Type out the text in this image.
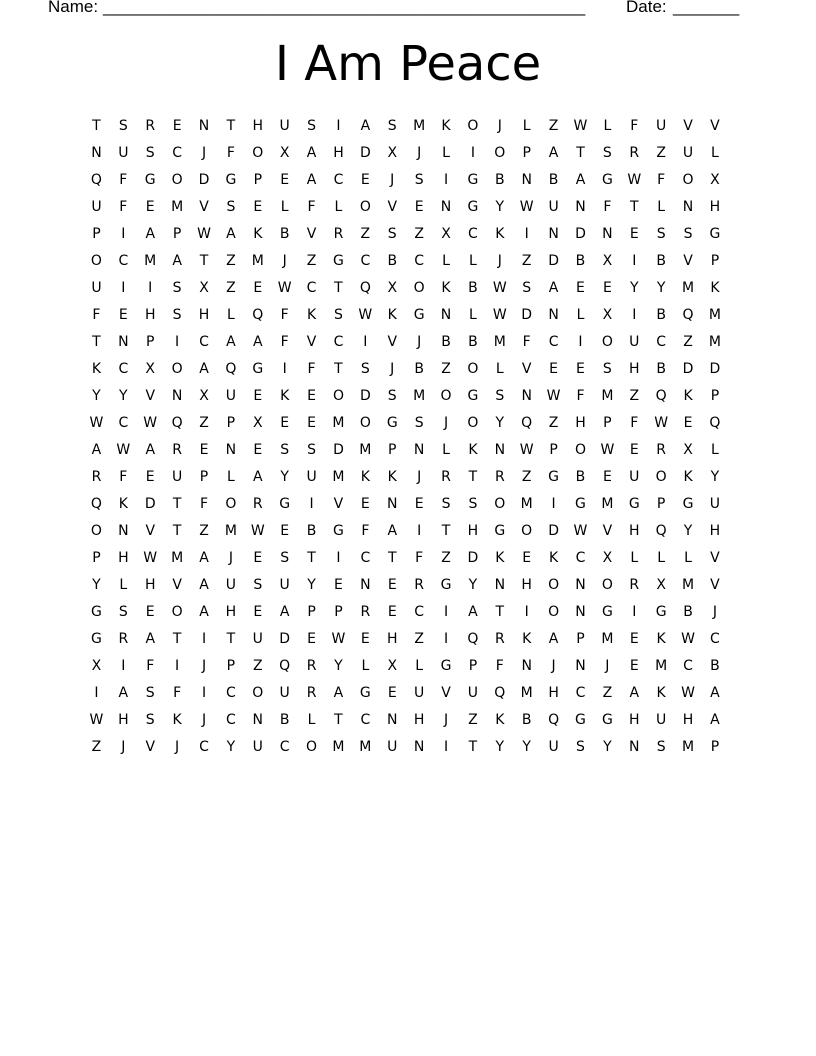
Name: ___________________________________________________ Date: _______
I Am Peace
T	S	R	E	N	T	H	U	S	I	A	S	M	K	O	J	L	Z	W	L	F	U	V	V
N	U	S	C	J	F	O	X	A	H	D	X	J	L	I	O	P	A	T	S	R	Z	U	L
Q	F	G	O	D	G	P	E	A	C	E	J	S	I	G	B	N	B	A	G	W	F	O	X
U	F	E	M	V	S	E	L	F	L	O	V	E	N	G	Y	W	U	N	F	T	L	N	H
P	I	A	P	W	A	K	B	V	R	Z	S	Z	X	C	K	I	N	D	N	E	S	S	G
O	C	M	A	T	Z	M	J	Z	G	C	B	C	L	L	J	Z	D	B	X	I	B	V	P
U	I	I	S	X	Z	E	W	C	T	Q	X	O	K	B	W	S	A	E	E	Y	Y	M	K
F	E	H	S	H	L	Q	F	K	S	W	K	G	N	L	W	D	N	L	X	I	B	Q	M
T	N	P	I	C	A	A	F	V	C	I	V	J	B	B	M	F	C	I	O	U	C	Z	M
K	C	X	O	A	Q	G	I	F	T	S	J	B	Z	O	L	V	E	E	S	H	B	D	D
Y	Y	V	N	X	U	E	K	E	O	D	S	M	O	G	S	N	W	F	M	Z	Q	K	P
W	C	W	Q	Z	P	X	E	E	M	O	G	S	J	O	Y	Q	Z	H	P	F	W	E	Q
A	W	A	R	E	N	E	S	S	D	M	P	N	L	K	N	W	P	O	W	E	R	X	L
R	F	E	U	P	L	A	Y	U	M	K	K	J	R	T	R	Z	G	B	E	U	O	K	Y
Q	K	D	T	F	O	R	G	I	V	E	N	E	S	S	O	M	I	G	M	G	P	G	U
O	N	V	T	Z	M W	E	B	G	F	A	I	T	H	G	O	D	W	V	H	Q	Y	H
P	H	W M	A	J	E	S	T	I	C	T	F	Z	D	K	E	K	C	X	L	L	L	V
Y	L	H	V	A	U	S	U	Y	E	N	E	R	G	Y	N	H	O	N	O	R	X	M	V
G	S	E	O	A	H	E	A	P	P	R	E	C	I	A	T	I	O	N	G	I	G	B	J
G	R	A	T	I	T	U	D	E	W	E	H	Z	I	Q	R	K	A	P	M	E	K	W	C
X	I	F	I	J	P	Z	Q	R	Y	L	X	L	G	P	F	N	J	N	J	E	M	C	B
I	A	S	F	I	C	O	U	R	A	G	E	U	V	U	Q	M	H	C	Z	A	K	W	A
W	H	S	K	J	C	N	B	L	T	C	N	H	J	Z	K	B	Q	G	G	H	U	H	A
Z	J	V	J	C	Y	U	C	O	M	M	U	N	I	T	Y	Y	U	S	Y	N	S	M	P
